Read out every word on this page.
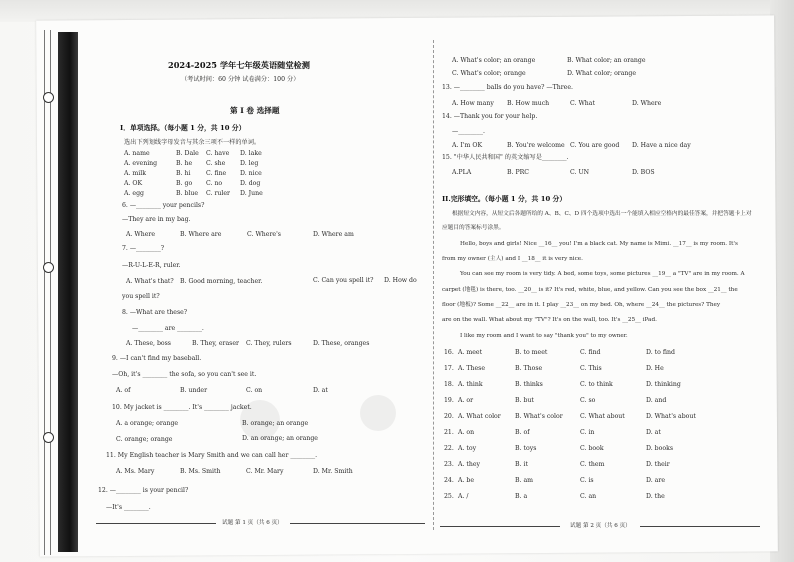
2024-2025 学年七年级英语随堂检测
（考试时间：60 分钟 试卷满分：100 分）
第 I 卷 选择题
I．单项选择。（每小题 1 分，共 10 分）
选出下列划线字母发音与其余三项不一样的单词。
A. name	B. Dale C. have D. lake
A. evening	B. he C. she D. leg
A. milk	B. hi	C. fine D. nice
A. OK	B. go C. no	D. dog
A. egg	B. blue C. ruler D. June
6. —________ your pencils?
—They are in my bag.
A. Where	B. Where are	C. Where's	D. Where am
7. —________?
—R-U-L-E-R, ruler.
A. What's that? B. Good morning, teacher.	C. Can you spell it? D. How do
you spell it?
8. —What are these?
—________ are ________.
A. These, boss	B. They, eraser C. They, rulers	D. These, oranges
9. —I can't find my baseball.
—Oh, it's ________ the sofa, so you can't see it.
A. of	B. under	C. on	D. at
10. My jacket is ________. It's ________ jacket.
A. a orange; orange	B. orange; an orange
C. orange; orange	D. an orange; an orange
11. My English teacher is Mary Smith and we can call her ________.
A. Ms. Mary	B. Ms. Smith	C. Mr. Mary	D. Mr. Smith
12. —________ is your pencil?
—It's ________.
试题 第 1 页（共 6 页）
A. What's color; an orange	B. What color; an orange
C. What's color; orange	D. What color; orange
13. —________ balls do you have? —Three.
A. How many B. How much	C. What	D. Where
14. —Thank you for your help.
—________.
A. I'm OK	B. You're welcome C. You are good D. Have a nice day
15. "中华人民共和国" 的英文缩写是________.
A.PLA	B. PRC	C. UN	D. BOS
II.完形填空。（每小题 1 分，共 10 分）
根据短文内容，从短文后各题所给的 A、B、C、D 四个选项中选出一个能填入相应空格内的最佳答案，并把答题卡上对
应题目的答案标号涂黑。
Hello, boys and girls! Nice __16__ you! I'm a black cat. My name is Mimi. __17__ is my room. It's
from my owner (主人) and I __18__ it is very nice.
You can see my room is very tidy. A bed, some toys, some pictures __19__ a "TV" are in my room. A
carpet (地毯) is there, too. __20__ is it? It's red, white, blue, and yellow. Can you see the box __21__ the
floor (地板)? Some __22__ are in it. I play __23__ on my bed. Oh, where __24__ the pictures? They
are on the wall. What about my "TV"? It's on the wall, too. It's __25__ iPad.
I like my room and I want to say "thank you" to my owner.
16. A. meet	B. to meet	C. find	D. to find
17. A. These	B. Those	C. This	D. He
18. A. think	B. thinks	C. to think	D. thinking
19. A. or	B. but	C. so	D. and
20. A. What color B. What's color	C. What about	D. What's about
21. A. on	B. of	C. in	D. at
22. A. toy	B. toys	C. book	D. books
23. A. they	B. it	C. them	D. their
24. A. be	B. am	C. is	D. are
25. A. /	B. a	C. an	D. the
试题 第 2 页（共 6 页）
